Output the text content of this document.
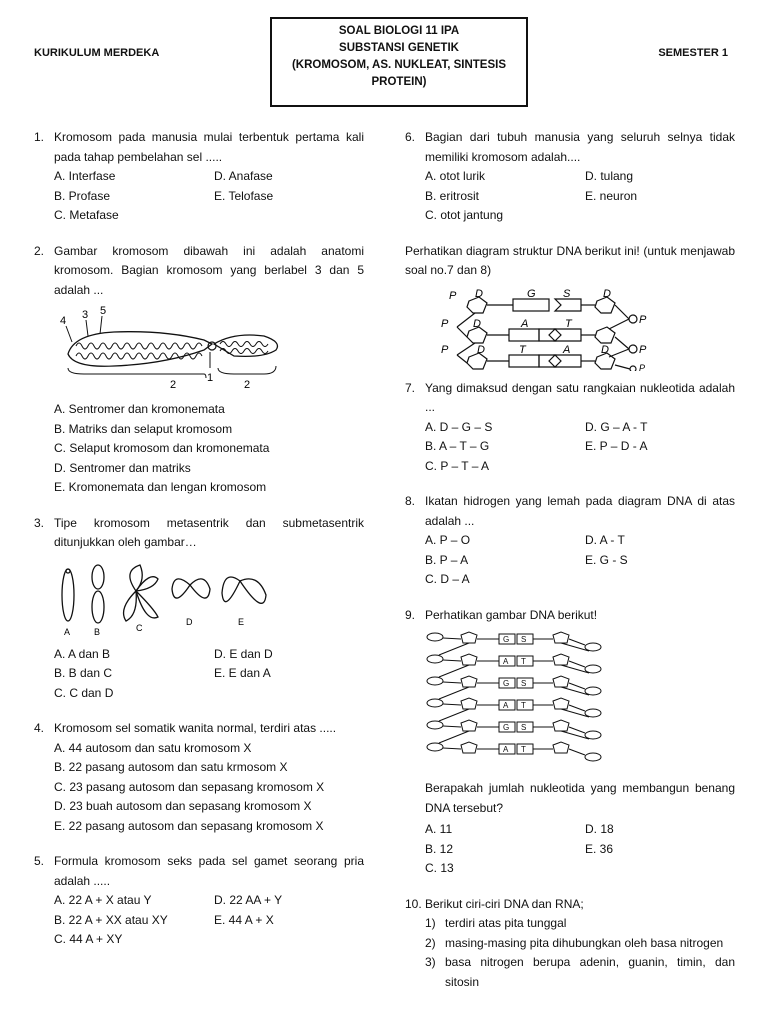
KURIKULUM MERDEKA	SEMESTER 1
SOAL BIOLOGI 11 IPA
SUBSTANSI GENETIK
(KROMOSOM, AS. NUKLEAT, SINTESIS
PROTEIN)
1. Kromosom pada manusia mulai terbentuk pertama kali pada tahap pembelahan sel .....
A. Interfase	D. Anafase
B. Profase	E. Telofase
C. Metafase
2. Gambar kromosom dibawah ini adalah anatomi kromosom. Bagian kromosom yang berlabel 3 dan 5 adalah ...
4 3 5
2
1
2
A. Sentromer dan kromonemata
B. Matriks dan selaput kromosom
C. Selaput kromosom dan kromonemata
D. Sentromer dan matriks
E. Kromonemata dan lengan kromosom
3. Tipe kromosom metasentrik dan submetasentrik ditunjukkan oleh gambar…
A	B	C
D	E
A. A dan B	D. E dan D
B. B dan C	E. E dan A
C. C dan D
4. Kromosom sel somatik wanita normal, terdiri atas .....
A. 44 autosom dan satu kromosom X
B. 22 pasang autosom dan satu krmosom X
C. 23 pasang autosom dan sepasang kromosom X
D. 23 buah autosom dan sepasang kromosom X
E. 22 pasang autosom dan sepasang kromosom X
5. Formula kromosom seks pada sel gamet seorang pria adalah .....
A. 22 A + X atau Y	D. 22 AA + Y
B. 22 A + XX atau XY	E. 44 A + X
C. 44 A + XY
6. Bagian dari tubuh manusia yang seluruh selnya tidak memiliki kromosom adalah....
A. otot lurik	D. tulang
B. eritrosit	E. neuron
C. otot jantung
Perhatikan diagram struktur DNA berikut ini! (untuk menjawab soal no.7 dan 8)
P D	G S	D
P D	A	T	P
P	D	T	A	D	P
P
7. Yang dimaksud dengan satu rangkaian nukleotida adalah ...
A. D – G – S	D. G – A - T
B. A – T – G	E. P – D - A
C. P – T – A
8. Ikatan hidrogen yang lemah pada diagram DNA di atas adalah ...
A. P – O	D. A - T
B. P – A	E. G - S
C. D – A
9. Perhatikan gambar DNA berikut!
G S
A T
G S
A T
G S
A T
Berapakah jumlah nukleotida yang membangun benang DNA tersebut?
A. 11	D. 18
B. 12	E. 36
C. 13
10. Berikut ciri-ciri DNA dan RNA;
1) terdiri atas pita tunggal
2) masing-masing pita dihubungkan oleh basa nitrogen
3) basa nitrogen berupa adenin, guanin, timin, dan sitosin
